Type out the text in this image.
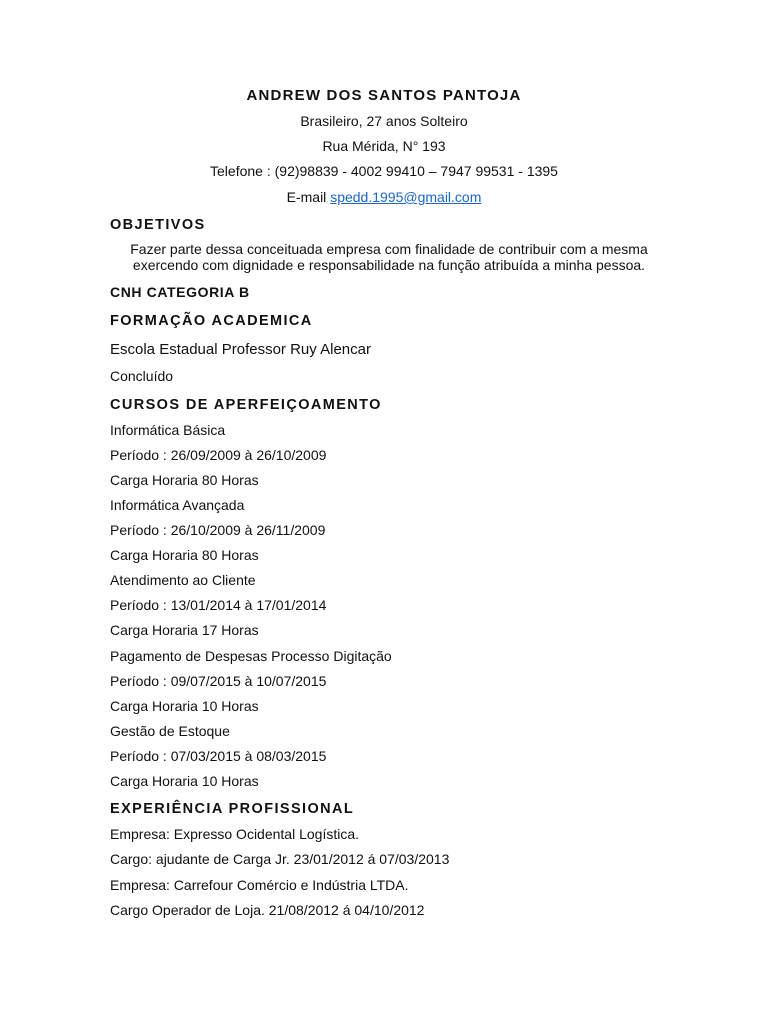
ANDREW DOS SANTOS PANTOJA
Brasileiro, 27 anos Solteiro
Rua Mérida, N° 193
Telefone : (92)98839 - 4002 99410 – 7947 99531 - 1395
E-mail spedd.1995@gmail.com
OBJETIVOS
Fazer parte dessa conceituada empresa com finalidade de contribuir com a mesma
exercendo com dignidade e responsabilidade na função atribuída a minha pessoa.
CNH CATEGORIA B
FORMAÇÃO ACADEMICA
Escola Estadual Professor Ruy Alencar
Concluído
CURSOS DE APERFEIÇOAMENTO
Informática Básica
Período : 26/09/2009 à 26/10/2009
Carga Horaria 80 Horas
Informática Avançada
Período : 26/10/2009 à 26/11/2009
Carga Horaria 80 Horas
Atendimento ao Cliente
Período : 13/01/2014 à 17/01/2014
Carga Horaria 17 Horas
Pagamento de Despesas Processo Digitação
Período : 09/07/2015 à 10/07/2015
Carga Horaria 10 Horas
Gestão de Estoque
Período : 07/03/2015 à 08/03/2015
Carga Horaria 10 Horas
EXPERIÊNCIA PROFISSIONAL
Empresa: Expresso Ocidental Logística.
Cargo: ajudante de Carga Jr. 23/01/2012 á 07/03/2013
Empresa: Carrefour Comércio e Indústria LTDA.
Cargo Operador de Loja. 21/08/2012 á 04/10/2012
